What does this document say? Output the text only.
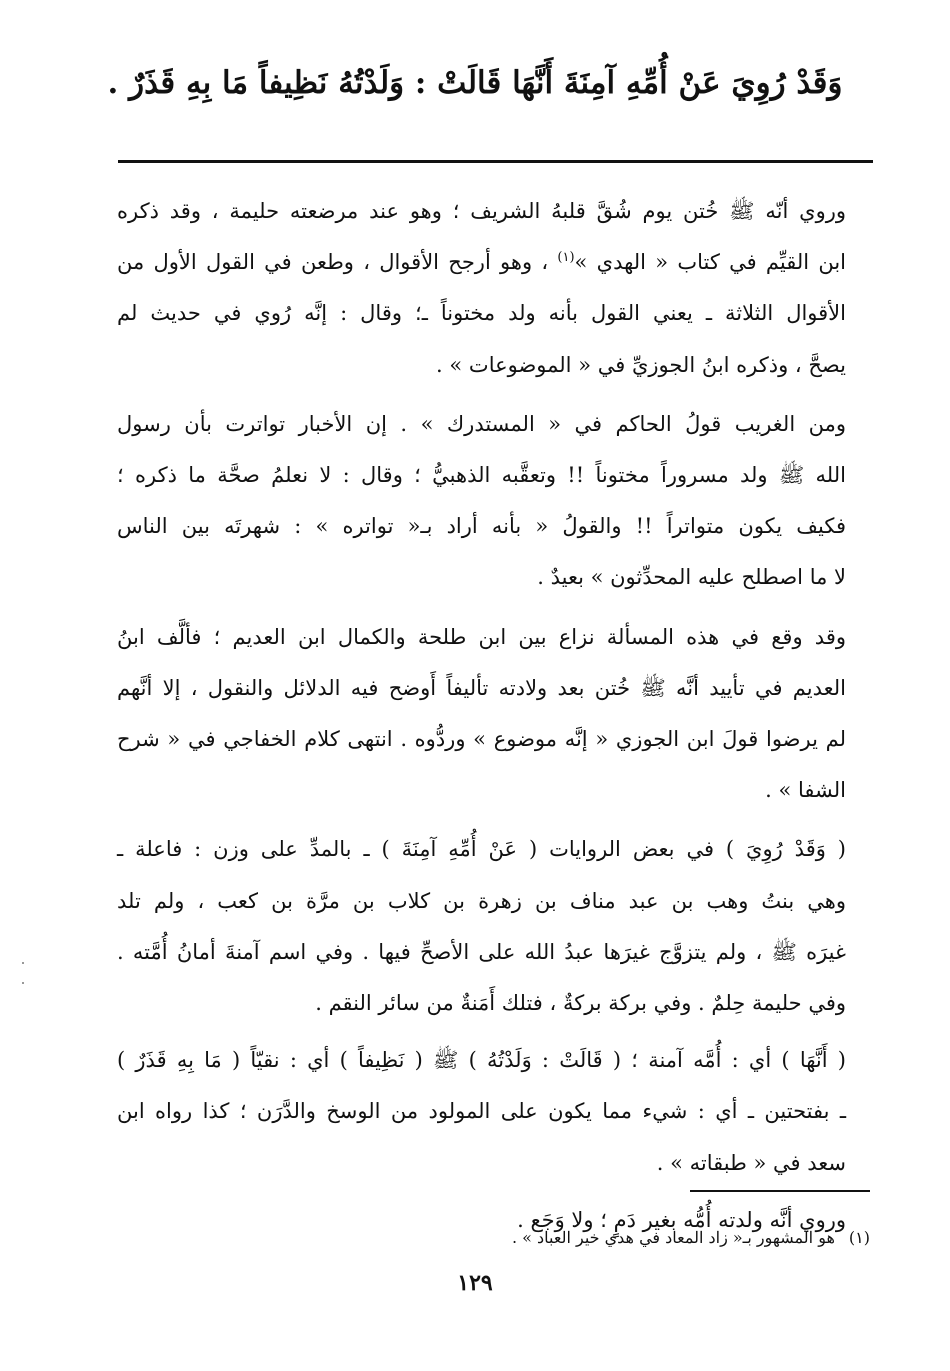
وَقَدْ رُوِيَ عَنْ أُمِّهِ آمِنَةَ أَنَّهَا قَالَتْ : وَلَدْتُهُ نَظِيفاً مَا بِهِ قَذَرٌ .

وروي أنّه ﷺ خُتن يوم شُقَّ قلبهُ الشريف ؛ وهو عند مرضعته حليمة ، وقد ذكره
ابن القيِّم في كتاب « الهدي »$^{(١)}$ ، وهو أرجح الأقوال ، وطعن في القول الأول من
الأقوال الثلاثة ـ يعني القول بأنه ولد مختوناً ـ؛ وقال : إنَّه رُوي في حديث لم
يصحَّ ، وذكره ابنُ الجوزيِّ في « الموضوعات » .

ومن الغريب قولُ الحاكم في « المستدرك » . إن الأخبار تواترت بأن رسول
الله ﷺ ولد مسروراً مختوناً !! وتعقَّبه الذهبيُّ ؛ وقال : لا نعلمُ صحَّة ما ذكره ؛
فكيف يكون متواتراً !! والقولُ « بأنه أراد بـ« تواتره » : شهرتَه بين الناس
لا ما اصطلح عليه المحدِّثون » بعيدٌ .

وقد وقع في هذه المسألة نزاع بين ابن طلحة والكمال ابن العديم ؛ فألَّف ابنُ
العديم في تأييد أنَّه ﷺ خُتن بعد ولادته تأليفاً أَوضح فيه الدلائل والنقول ، إلا أنَّهم
لم يرضوا قولَ ابن الجوزي « إنَّه موضوع » وردُّوه . انتهى كلام الخفاجي في « شرح
الشفا » .

( وَقَدْ رُوِيَ ) في بعض الروايات ( عَنْ أُمِّهِ آمِنَةَ ) ـ بالمدِّ على وزن : فاعلة ـ
وهي بنتُ وهب بن عبد مناف بن زهرة بن كلاب بن مرَّة بن كعب ، ولم تلد
غيرَه ﷺ ، ولم يتزوَّج غيرَها عبدُ الله على الأصحِّ فيها . وفي اسم آمنةَ أمانُ أُمَّته .
وفي حليمة حِلمٌ . وفي بركة بركةٌ ، فتلك أَمَنةٌ من سائر النقم .

( أَنَّهَا ) أي : أُمَّه آمنة ؛ ( قَالَتْ : وَلَدْتُهُ ) ﷺ ( نَظِيفاً ) أي : نقيّاً ( مَا بِهِ قَذَرٌ )
ـ بفتحتين ـ أي : شيء مما يكون على المولود من الوسخ والدَّرَن ؛ كذا رواه ابن
سعد في « طبقاته » .

وروي أنَّه ولدته أُمُّه بغير دَمٍ ؛ ولا وَجَع .

(١)هو المشهور بـ« زاد المعاد في هدي خير العباد » .
١٢٩
